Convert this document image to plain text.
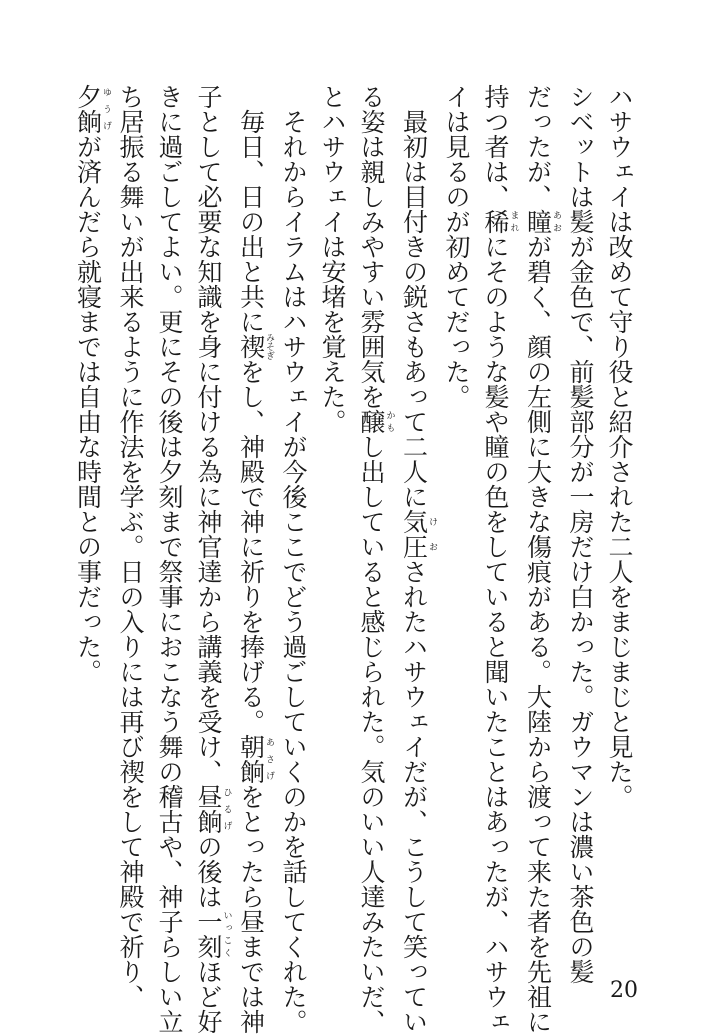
ハサウェイは改めて守り役と紹介された二人をまじまじと見た。
シベットは髪が金色で、前髪部分が一房だけ白かった。ガウマンは濃い茶色の髪
だったが、瞳あおが碧く、顔の左側に大きな傷痕がある。大陸から渡って来た者を先祖に
持つ者は、稀まれにそのような髪や瞳の色をしていると聞いたことはあったが、ハサウェ
イは見るのが初めてだった。
　最初は目付きの鋭さもあって二人に気圧けおされたハサウェイだが、こうして笑ってい
る姿は親しみやすい雰囲気を醸かもし出していると感じられた。気のいい人達みたいだ、
とハサウェイは安堵を覚えた。
　それからイラムはハサウェイが今後ここでどう過ごしていくのかを話してくれた。
　毎日、日の出と共に禊みそぎをし、神殿で神に祈りを捧げる。朝餉あさげをとったら昼までは神
子として必要な知識を身に付ける為に神官達から講義を受け、昼餉ひるげの後は一刻いっこくほど好
きに過ごしてよい。更にその後は夕刻まで祭事におこなう舞の稽古や、神子らしい立
ち居振る舞いが出来るように作法を学ぶ。日の入りには再び禊をして神殿で祈り、
夕餉ゆうげが済んだら就寝までは自由な時間との事だった。
20
